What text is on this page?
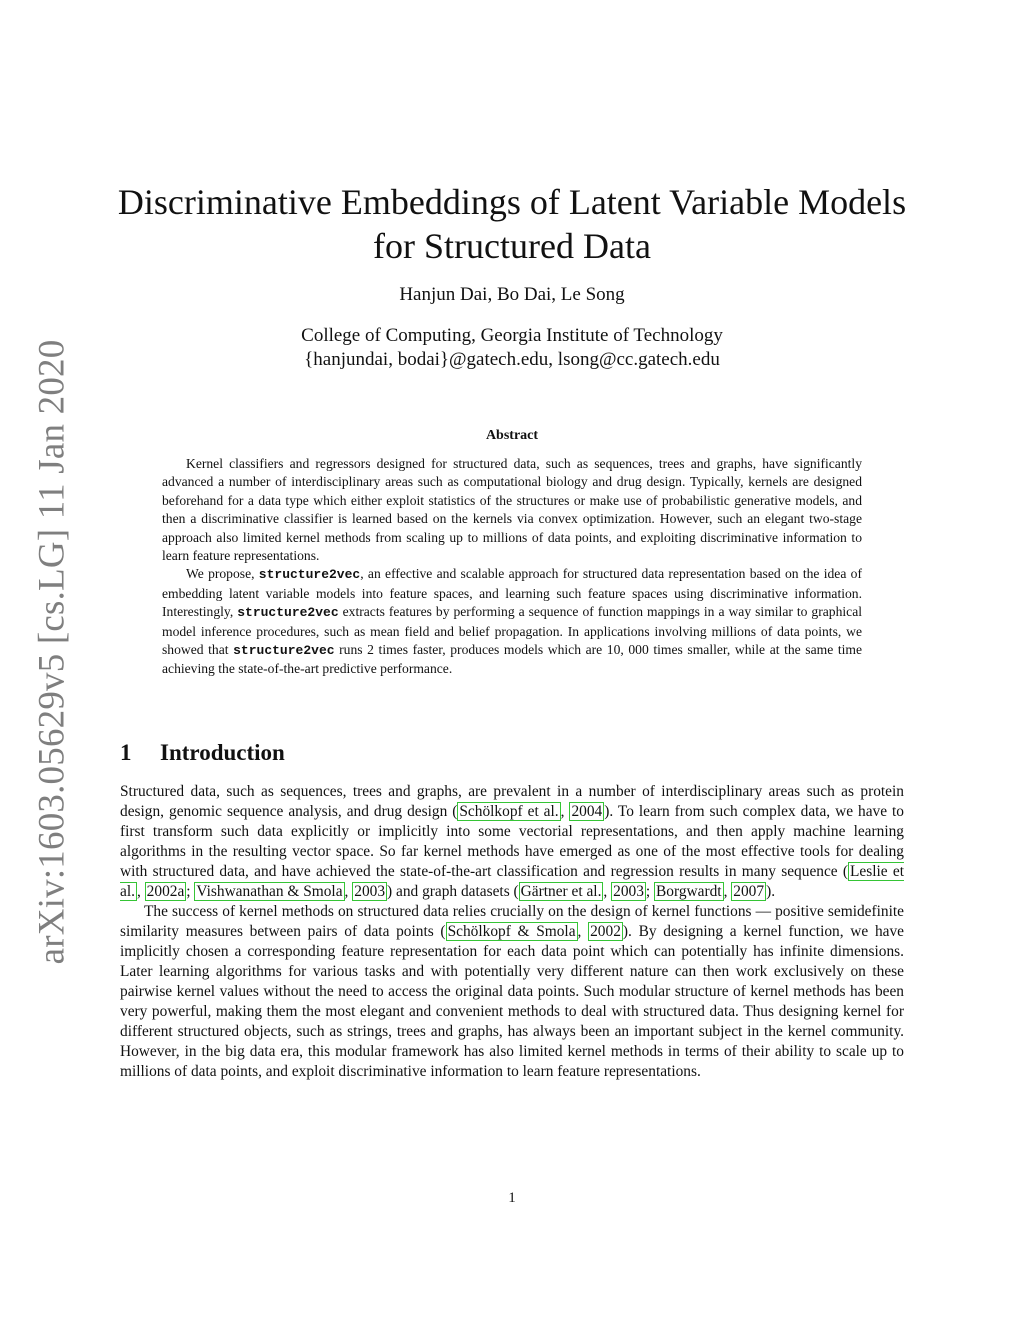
arXiv:1603.05629v5 [cs.LG] 11 Jan 2020
Discriminative Embeddings of Latent Variable Models
for Structured Data
Hanjun Dai, Bo Dai, Le Song
College of Computing, Georgia Institute of Technology
{hanjundai, bodai}@gatech.edu, lsong@cc.gatech.edu
Abstract

Kernel classifiers and regressors designed for structured data, such as sequences, trees and graphs, have significantly advanced a number of interdisciplinary areas such as computational biology and drug design. Typically, kernels are designed beforehand for a data type which either exploit statistics of the structures or make use of probabilistic generative models, and then a discriminative classifier is learned based on the kernels via convex optimization. However, such an elegant two-stage approach also limited kernel methods from scaling up to millions of data points, and exploiting discriminative information to learn feature representations.

We propose, structure2vec, an effective and scalable approach for structured data representation based on the idea of embedding latent variable models into feature spaces, and learning such feature spaces using discriminative information. Interestingly, structure2vec extracts features by performing a sequence of function mappings in a way similar to graphical model inference procedures, such as mean field and belief propagation. In applications involving millions of data points, we showed that structure2vec runs 2 times faster, produces models which are 10, 000 times smaller, while at the same time achieving the state-of-the-art predictive performance.

1 Introduction

Structured data, such as sequences, trees and graphs, are prevalent in a number of interdisciplinary areas such as protein design, genomic sequence analysis, and drug design ( Schölkopf et al. , 2004 ). To learn from such complex data, we have to first transform such data explicitly or implicitly into some vectorial representations, and then apply machine learning algorithms in the resulting vector space. So far kernel methods have emerged as one of the most effective tools for dealing with structured data, and have achieved the state-of-the-art classification and regression results in many sequence ( Leslie et al. , 2002a ; Vishwanathan & Smola , 2003 ) and graph datasets ( Gärtner et al. , 2003 ; Borgwardt , 2007 ).

The success of kernel methods on structured data relies crucially on the design of kernel functions — positive semidefinite similarity measures between pairs of data points ( Schölkopf & Smola , 2002 ). By designing a kernel function, we have implicitly chosen a corresponding feature representation for each data point which can potentially has infinite dimensions. Later learning algorithms for various tasks and with potentially very different nature can then work exclusively on these pairwise kernel values without the need to access the original data points. Such modular structure of kernel methods has been very powerful, making them the most elegant and convenient methods to deal with structured data. Thus designing kernel for different structured objects, such as strings, trees and graphs, has always been an important subject in the kernel community. However, in the big data era, this modular framework has also limited kernel methods in terms of their ability to scale up to millions of data points, and exploit discriminative information to learn feature representations.

1
